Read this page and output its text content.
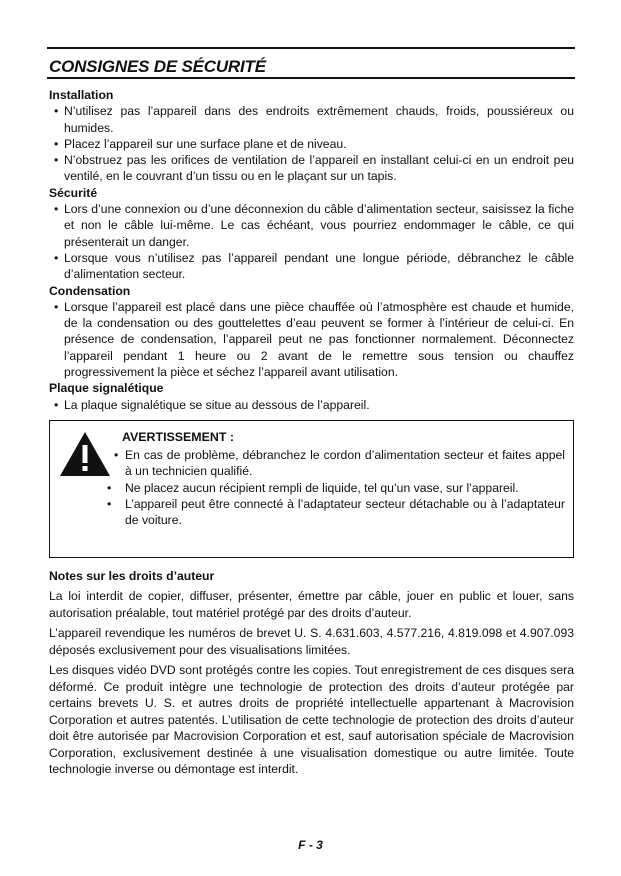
CONSIGNES DE SÉCURITÉ

Installation

• N’utilisez pas l’appareil dans des endroits extrêmement chauds, froids, poussiéreux ou humides.

• Placez l’appareil sur une surface plane et de niveau.

• N’obstruez pas les orifices de ventilation de l’appareil en installant celui-ci en un endroit peu ventilé, en le couvrant d’un tissu ou en le plaçant sur un tapis.

Sécurité

• Lors d’une connexion ou d’une déconnexion du câble d’alimentation secteur, saisissez la fiche et non le câble lui-même. Le cas échéant, vous pourriez endommager le câble, ce qui présenterait un danger.

• Lorsque vous n’utilisez pas l’appareil pendant une longue période, débranchez le câble d’alimentation secteur.

Condensation

• Lorsque l’appareil est placé dans une pièce chauffée où l’atmosphère est chaude et humide, de la condensation ou des gouttelettes d’eau peuvent se former à l’intérieur de celui-ci. En présence de condensation, l’appareil peut ne pas fonctionner normalement. Déconnectez l’appareil pendant 1 heure ou 2 avant de le remettre sous tension ou chauffez progressivement la pièce et séchez l’appareil avant utilisation.

Plaque signalétique

• La plaque signalétique se situe au dessous de l’appareil.

AVERTISSEMENT :

• En cas de problème, débranchez le cordon d’alimentation secteur et faites appel à un technicien qualifié.

• Ne placez aucun récipient rempli de liquide, tel qu’un vase, sur l’appareil.

• L’appareil peut être connecté à l’adaptateur secteur détachable ou à l’adaptateur de voiture.

Notes sur les droits d’auteur

La loi interdit de copier, diffuser, présenter, émettre par câble, jouer en public et louer, sans autorisation préalable, tout matériel protégé par des droits d’auteur.

L’appareil revendique les numéros de brevet U. S. 4.631.603, 4.577.216, 4.819.098 et 4.907.093 déposés exclusivement pour des visualisations limitées.

Les disques vidéo DVD sont protégés contre les copies. Tout enregistrement de ces disques sera déformé. Ce produit intègre une technologie de protection des droits d’auteur protégée par certains brevets U. S. et autres droits de propriété intellectuelle appartenant à Macrovision Corporation et autres patentés. L’utilisation de cette technologie de protection des droits d’auteur doit être autorisée par Macrovision Corporation et est, sauf autorisation spéciale de Macrovision Corporation, exclusivement destinée à une visualisation domestique ou autre limitée. Toute technologie inverse ou démontage est interdit.

F - 3
